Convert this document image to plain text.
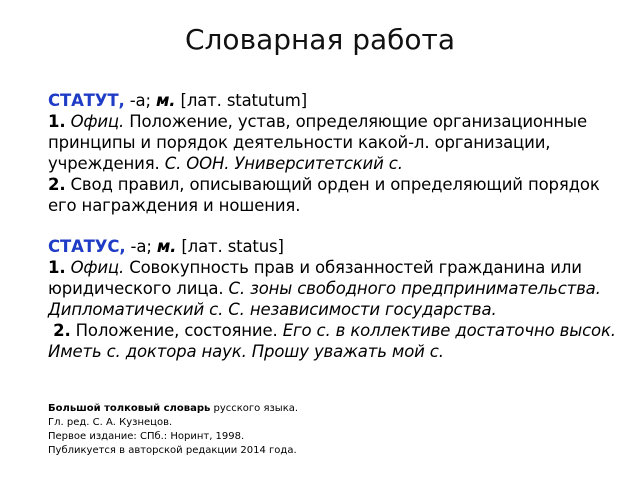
Словарная работа
СТАТУТ, -а; м. [лат. statutum]
1. Офиц. Положение, устав, определяющие организационные принципы и порядок деятельности какой-л. организации, учреждения. С. ООН. Университетский с.
2. Свод правил, описывающий орден и определяющий порядок его награждения и ношения.
СТАТУС, -а; м. [лат. status]
1. Офиц. Совокупность прав и обязанностей гражданина или юридического лица. С. зоны свободного предпринимательства. Дипломатический с. С. независимости государства.
2. Положение, состояние. Его с. в коллективе достаточно высок. Иметь с. доктора наук. Прошу уважать мой с.
Большой толковый словарь русского языка.
Гл. ред. С. А. Кузнецов.
Первое издание: СПб.: Норинт, 1998.
Публикуется в авторской редакции 2014 года.
